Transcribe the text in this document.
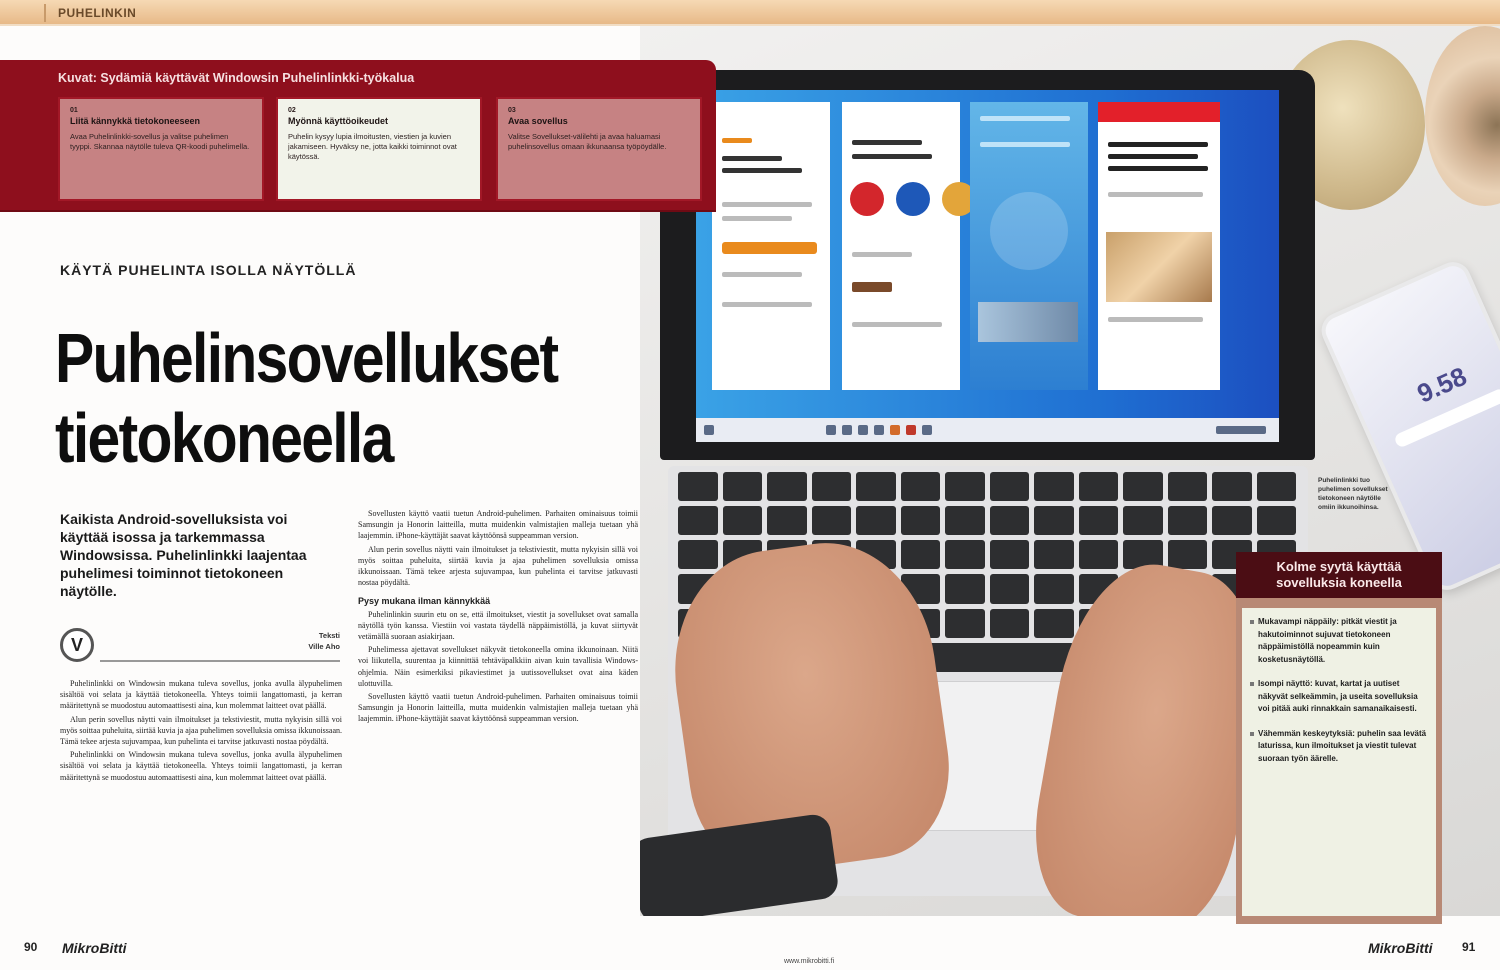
PUHELINKIN
9.58
Puhelinlinkki tuo puhelimen sovellukset tietokoneen näytölle omiin ikkunoihinsa.
Kuvat: Sydämiä käyttävät Windowsin Puhelinlinkki-työkalua
01
Liitä kännykkä tietokoneeseen
Avaa Puhelinlinkki-sovellus ja valitse puhelimen tyyppi. Skannaa näytölle tuleva QR-koodi puhelimella.
02
Myönnä käyttöoikeudet
Puhelin kysyy lupia ilmoitusten, viestien ja kuvien jakamiseen. Hyväksy ne, jotta kaikki toiminnot ovat käytössä.
03
Avaa sovellus
Valitse Sovellukset-välilehti ja avaa haluamasi puhelinsovellus omaan ikkunaansa työpöydälle.
KÄYTÄ PUHELINTA ISOLLA NÄYTÖLLÄ
Puhelinsovellukset
tietokoneella
Kaikista Android-sovelluksista voi käyttää isossa ja tarkemmassa Windowsissa. Puhelinlinkki laajentaa puhelimesi toiminnot tietokoneen näytölle.
V	Teksti
Ville Aho

Puhelinlinkki on Windowsin mukana tuleva sovellus, jonka avulla älypuhelimen sisältöä voi selata ja käyttää tietokoneella. Yhteys toimii langattomasti, ja kerran määritettynä se muodostuu automaattisesti aina, kun molemmat laitteet ovat päällä.

Alun perin sovellus näytti vain ilmoitukset ja tekstiviestit, mutta nykyisin sillä voi myös soittaa puheluita, siirtää kuvia ja ajaa puhelimen sovelluksia omissa ikkunoissaan. Tämä tekee arjesta sujuvampaa, kun puhelinta ei tarvitse jatkuvasti nostaa pöydältä.

Puhelinlinkki on Windowsin mukana tuleva sovellus, jonka avulla älypuhelimen sisältöä voi selata ja käyttää tietokoneella. Yhteys toimii langattomasti, ja kerran määritettynä se muodostuu automaattisesti aina, kun molemmat laitteet ovat päällä.

Sovellusten käyttö vaatii tuetun Android-puhelimen. Parhaiten ominaisuus toimii Samsungin ja Honorin laitteilla, mutta muidenkin valmistajien malleja tuetaan yhä laajemmin. iPhone-käyttäjät saavat käyttöönsä suppeamman version.

Alun perin sovellus näytti vain ilmoitukset ja tekstiviestit, mutta nykyisin sillä voi myös soittaa puheluita, siirtää kuvia ja ajaa puhelimen sovelluksia omissa ikkunoissaan. Tämä tekee arjesta sujuvampaa, kun puhelinta ei tarvitse jatkuvasti nostaa pöydältä.

Pysy mukana ilman kännykkää

Puhelinlinkin suurin etu on se, että ilmoitukset, viestit ja sovellukset ovat samalla näytöllä työn kanssa. Viestiin voi vastata täydellä näppäimistöllä, ja kuvat siirtyvät vetämällä suoraan asiakirjaan.

Puhelimessa ajettavat sovellukset näkyvät tietokoneella omina ikkunoinaan. Niitä voi liikutella, suurentaa ja kiinnittää tehtäväpalkkiin aivan kuin tavallisia Windows-ohjelmia. Näin esimerkiksi pikaviestimet ja uutissovellukset ovat aina käden ulottuvilla.

Sovellusten käyttö vaatii tuetun Android-puhelimen. Parhaiten ominaisuus toimii Samsungin ja Honorin laitteilla, mutta muidenkin valmistajien malleja tuetaan yhä laajemmin. iPhone-käyttäjät saavat käyttöönsä suppeamman version.

Kolme syytä käyttää sovelluksia koneella
Mukavampi näppäily: pitkät viestit ja hakutoiminnot sujuvat tietokoneen näppäimistöllä nopeammin kuin kosketusnäytöllä.
Isompi näyttö: kuvat, kartat ja uutiset näkyvät selkeämmin, ja useita sovelluksia voi pitää auki rinnakkain samanaikaisesti.
Vähemmän keskeytyksiä: puhelin saa levätä laturissa, kun ilmoitukset ja viestit tulevat suoraan työn äärelle.
90 MikroBitti
www.mikrobitti.fi
MikroBitti 91
